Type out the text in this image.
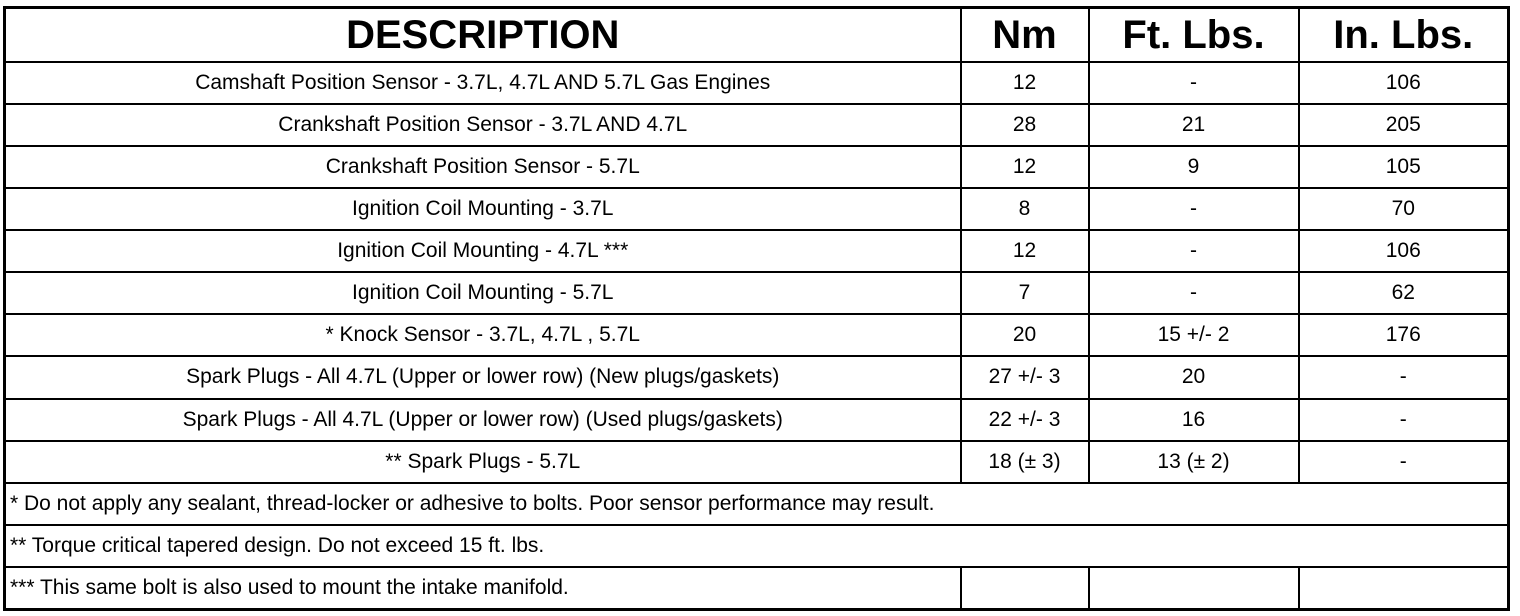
DESCRIPTION	Nm	Ft. Lbs.	In. Lbs.
Camshaft Position Sensor - 3.7L, 4.7L AND 5.7L Gas Engines	12	-	106
Crankshaft Position Sensor - 3.7L AND 4.7L	28	21	205
Crankshaft Position Sensor - 5.7L	12	9	105
Ignition Coil Mounting - 3.7L	8	-	70
Ignition Coil Mounting - 4.7L ***	12	-	106
Ignition Coil Mounting - 5.7L	7	-	62
* Knock Sensor - 3.7L, 4.7L , 5.7L	20	15 +/- 2	176
Spark Plugs - All 4.7L (Upper or lower row) (New plugs/gaskets)	27 +/- 3	20	-
Spark Plugs - All 4.7L (Upper or lower row) (Used plugs/gaskets)	22 +/- 3	16	-
** Spark Plugs - 5.7L	18 (± 3)	13 (± 2)	-
* Do not apply any sealant, thread-locker or adhesive to bolts. Poor sensor performance may result.			
** Torque critical tapered design. Do not exceed 15 ft. lbs.			
*** This same bolt is also used to mount the intake manifold.			
